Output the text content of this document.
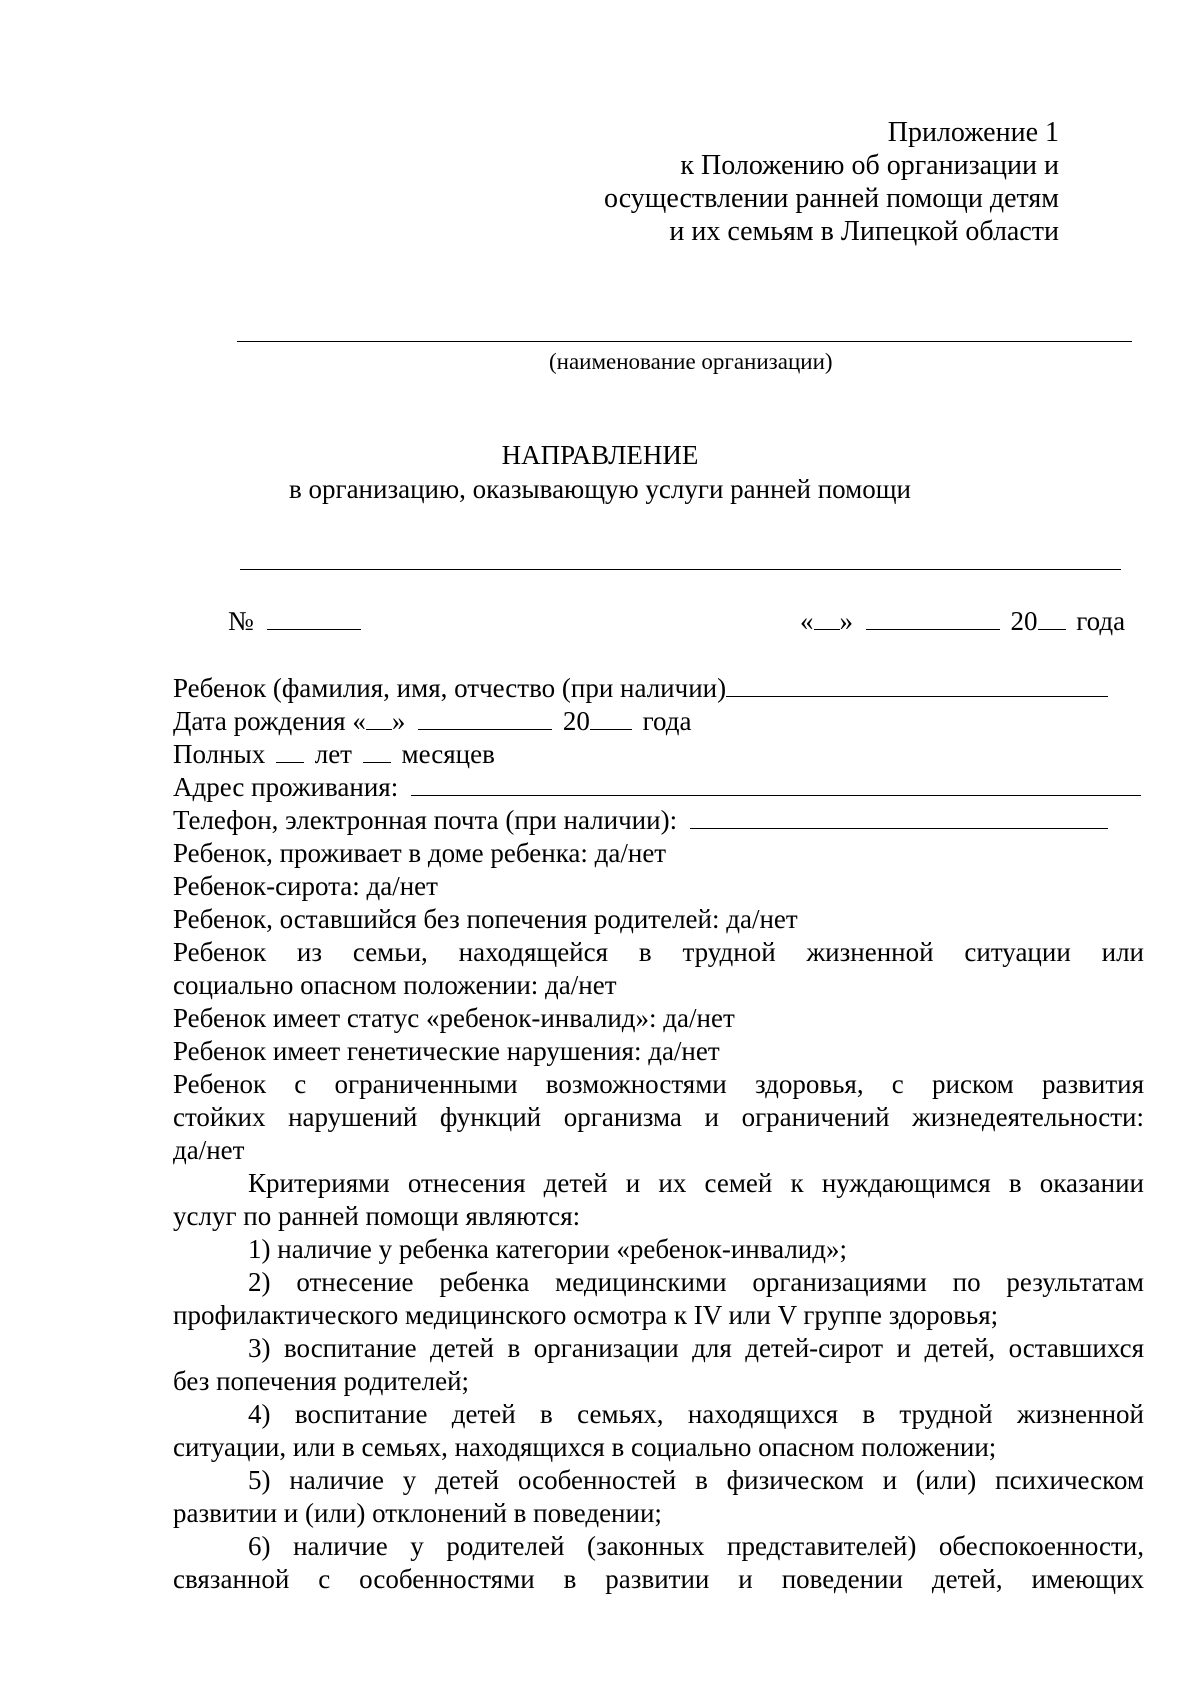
Приложение 1
к Положению об организации и
осуществлении ранней помощи детям
и их семьям в Липецкой области
(наименование организации)
НАПРАВЛЕНИЕ
в организацию, оказывающую услуги ранней помощи
№	« »	20 года
Ребенок (фамилия, имя, отчество (при наличии)
Дата рождения « »	20 года
Полных лет месяцев
Адрес проживания:
Телефон, электронная почта (при наличии):
Ребенок, проживает в доме ребенка: да/нет
Ребенок-сирота: да/нет
Ребенок, оставшийся без попечения родителей: да/нет
Ребенок из семьи, находящейся в трудной жизненной ситуации или
социально опасном положении: да/нет
Ребенок имеет статус «ребенок-инвалид»: да/нет
Ребенок имеет генетические нарушения: да/нет
Ребенок с ограниченными возможностями здоровья, с риском развития
стойких нарушений функций организма и ограничений жизнедеятельности:
да/нет
Критериями отнесения детей и их семей к нуждающимся в оказании
услуг по ранней помощи являются:
1) наличие у ребенка категории «ребенок-инвалид»;
2) отнесение ребенка медицинскими организациями по результатам
профилактического медицинского осмотра к IV или V группе здоровья;
3) воспитание детей в организации для детей-сирот и детей, оставшихся
без попечения родителей;
4) воспитание детей в семьях, находящихся в трудной жизненной
ситуации, или в семьях, находящихся в социально опасном положении;
5) наличие у детей особенностей в физическом и (или) психическом
развитии и (или) отклонений в поведении;
6) наличие у родителей (законных представителей) обеспокоенности,
связанной с особенностями в развитии и поведении детей, имеющих
